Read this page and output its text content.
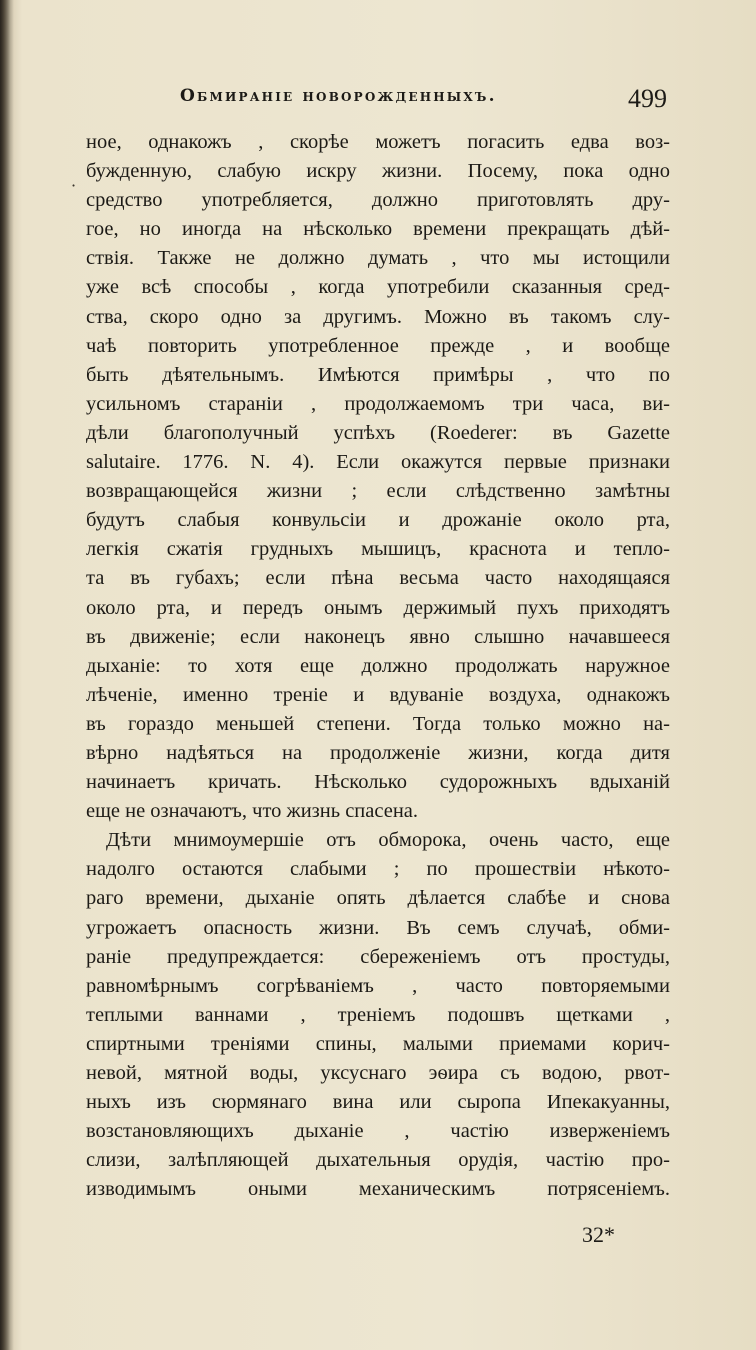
Обмиранiе новорожденныхъ.	499
·
ное, однакожъ , скорѣе можетъ погасить едва воз-
бужденную, слабую искру жизни. Посему, пока одно
средство употребляется, должно приготовлять дру-
гое, но иногда на нѣсколько времени прекращать дѣй-
ствiя. Также не должно думать , что мы истощили
уже всѣ способы , когда употребили сказанныя сред-
ства, скоро одно за другимъ. Можно въ такомъ слу-
чаѣ повторить употребленное прежде , и вообще
быть дѣятельнымъ. Имѣются примѣры , что по
усильномъ старанiи , продолжаемомъ три часа, ви-
дѣли благополучный успѣхъ (Roederer: въ Gazette
salutaire. 1776. N. 4). Если окажутся первые признаки
возвращающейся жизни ; если слѣдственно замѣтны
будутъ слабыя конвульсiи и дрожанiе около рта,
легкiя сжатiя грудныхъ мышицъ, краснота и тепло-
та въ губахъ; если пѣна весьма часто находящаяся
около рта, и передъ онымъ держимый пухъ приходятъ
въ движенiе; если наконецъ явно слышно начавшееся
дыханiе: то хотя еще должно продолжать наружное
лѣченiе, именно тренiе и вдуванiе воздуха, однакожъ
въ гораздо меньшей степени. Тогда только можно на-
вѣрно надѣяться на продолженiе жизни, когда дитя
начинаетъ кричать. Нѣсколько судорожныхъ вдыханiй
еще не означаютъ, что жизнь спасена.
Дѣти мнимоумершiе отъ обморока, очень часто, еще
надолго остаются слабыми ; по прошествiи нѣкото-
раго времени, дыханiе опять дѣлается слабѣе и снова
угрожаетъ опасность жизни. Въ семъ случаѣ, обми-
ранiе предупреждается: сбереженiемъ отъ простуды,
равномѣрнымъ согрѣванiемъ , часто повторяемыми
теплыми ваннами , тренiемъ подошвъ щетками ,
спиртными тренiями спины, малыми приемами корич-
невой, мятной воды, уксуснаго эѳира съ водою, рвот-
ныхъ изъ сюрмянаго вина или сыропа Ипекакуанны,
возстановляющихъ дыханiе , частiю изверженiемъ
слизи, залѣпляющей дыхательныя орудiя, частiю про-
изводимымъ оными механическимъ потрясенiемъ.
32*
